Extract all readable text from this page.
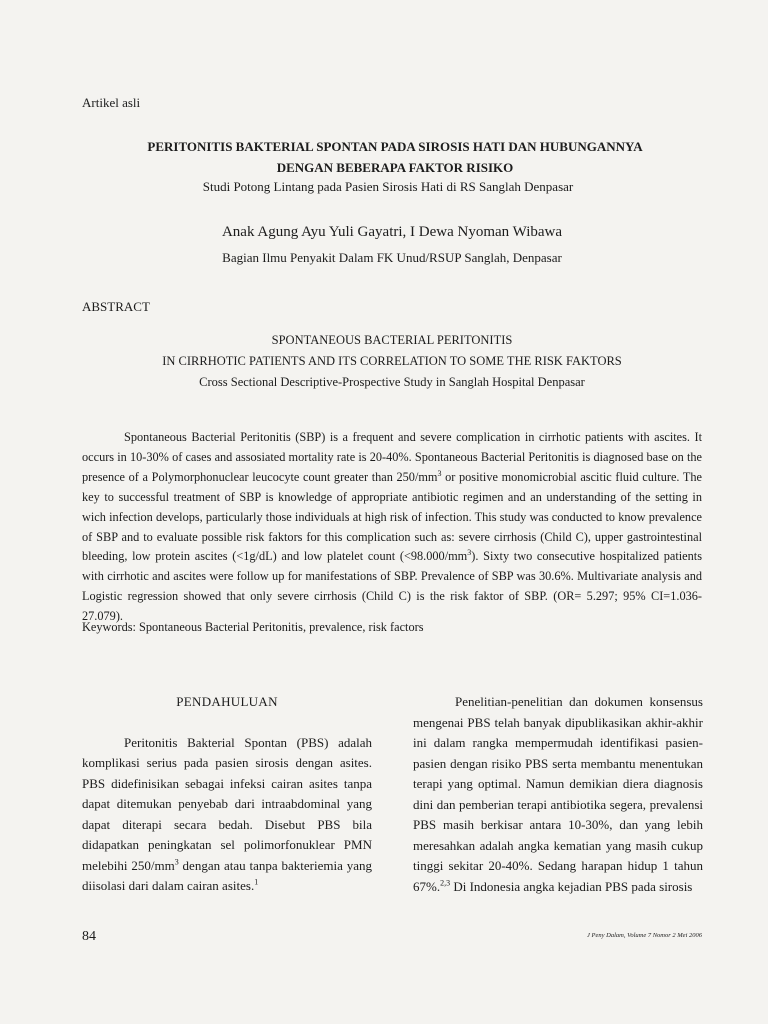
Artikel asli
PERITONITIS BAKTERIAL SPONTAN PADA SIROSIS HATI DAN HUBUNGANNYA
DENGAN BEBERAPA FAKTOR RISIKO
Studi Potong Lintang pada Pasien Sirosis Hati di RS Sanglah Denpasar
Anak Agung Ayu Yuli Gayatri, I Dewa Nyoman Wibawa
Bagian Ilmu Penyakit Dalam FK Unud/RSUP Sanglah, Denpasar
ABSTRACT
SPONTANEOUS BACTERIAL PERITONITIS
IN CIRRHOTIC PATIENTS AND ITS CORRELATION TO SOME THE RISK FAKTORS
Cross Sectional Descriptive-Prospective Study in Sanglah Hospital Denpasar

Spontaneous Bacterial Peritonitis (SBP) is a frequent and severe complication in cirrhotic patients with ascites. It occurs in 10-30% of cases and assosiated mortality rate is 20-40%. Spontaneous Bacterial Peritonitis is diagnosed base on the presence of a Polymorphonuclear leucocyte count greater than $250/mm^3$ or positive monomicrobial ascitic fluid culture. The key to successful treatment of SBP is knowledge of appropriate antibiotic regimen and an understanding of the setting in wich infection develops, particularly those individuals at high risk of infection. This study was conducted to know prevalence of SBP and to evaluate possible risk faktors for this complication such as: severe cirrhosis (Child C), upper gastrointestinal bleeding, low protein ascites (<1g/dL) and low platelet count $(<98.000/mm^3)$. Sixty two consecutive hospitalized patients with cirrhotic and ascites were follow up for manifestations of SBP. Prevalence of SBP was 30.6%. Multivariate analysis and Logistic regression showed that only severe cirrhosis (Child C) is the risk faktor of SBP. (OR= 5.297; 95% CI=1.036-27.079).

Keywords: Spontaneous Bacterial Peritonitis, prevalence, risk factors
PENDAHULUAN

Peritonitis Bakterial Spontan (PBS) adalah komplikasi serius pada pasien sirosis dengan asites. PBS didefinisikan sebagai infeksi cairan asites tanpa dapat ditemukan penyebab dari intraabdominal yang dapat diterapi secara bedah. Disebut PBS bila didapatkan peningkatan sel polimorfonuklear PMN melebihi $250/mm^3$ dengan atau tanpa bakteriemia yang diisolasi dari dalam cairan asites.$^1$

Penelitian-penelitian dan dokumen konsensus mengenai PBS telah banyak dipublikasikan akhir-akhir ini dalam rangka mempermudah identifikasi pasien-pasien dengan risiko PBS serta membantu menentukan terapi yang optimal. Namun demikian diera diagnosis dini dan pemberian terapi antibiotika segera, prevalensi PBS masih berkisar antara 10-30%, dan yang lebih meresahkan adalah angka kematian yang masih cukup tinggi sekitar 20-40%. Sedang harapan hidup 1 tahun 67%.$^{2,3}$ Di Indonesia angka kejadian PBS pada sirosis

84	J Peny Dalam, Volume 7 Nomor 2 Mei 2006
